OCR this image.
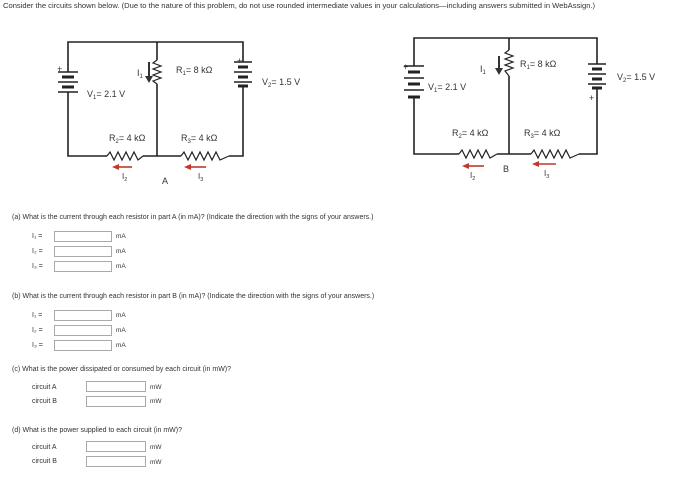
Consider the circuits shown below. (Due to the nature of this problem, do not use rounded intermediate values in your calculations—including answers submitted in WebAssign.)
+
+
$I_1$
$R_1= 8$ kΩ
$V_1= 2.1$ V
$V_2= 1.5$ V
$R_2= 4$ kΩ	$R_3= 4$ kΩ
$I_2$	$I_3$
A
+
+
$I_1$
$R_1= 8$ kΩ
$V_1= 2.1$ V
$V_2= 1.5$ V
$R_2= 4$ kΩ	$R_3= 4$ kΩ
$I_2$
$I_3$
B
(a) What is the current through each resistor in part A (in mA)? (Indicate the direction with the signs of your answers.)
I₁ =	mA
I₂ =	mA
I₃ =	mA
(b) What is the current through each resistor in part B (in mA)? (Indicate the direction with the signs of your answers.)
I₁ =	mA
I₂ =	mA
I₃ =	mA
(c) What is the power dissipated or consumed by each circuit (in mW)?
circuit A	mW
circuit B	mW
(d) What is the power supplied to each circuit (in mW)?
circuit A	mW
circuit B	mW
